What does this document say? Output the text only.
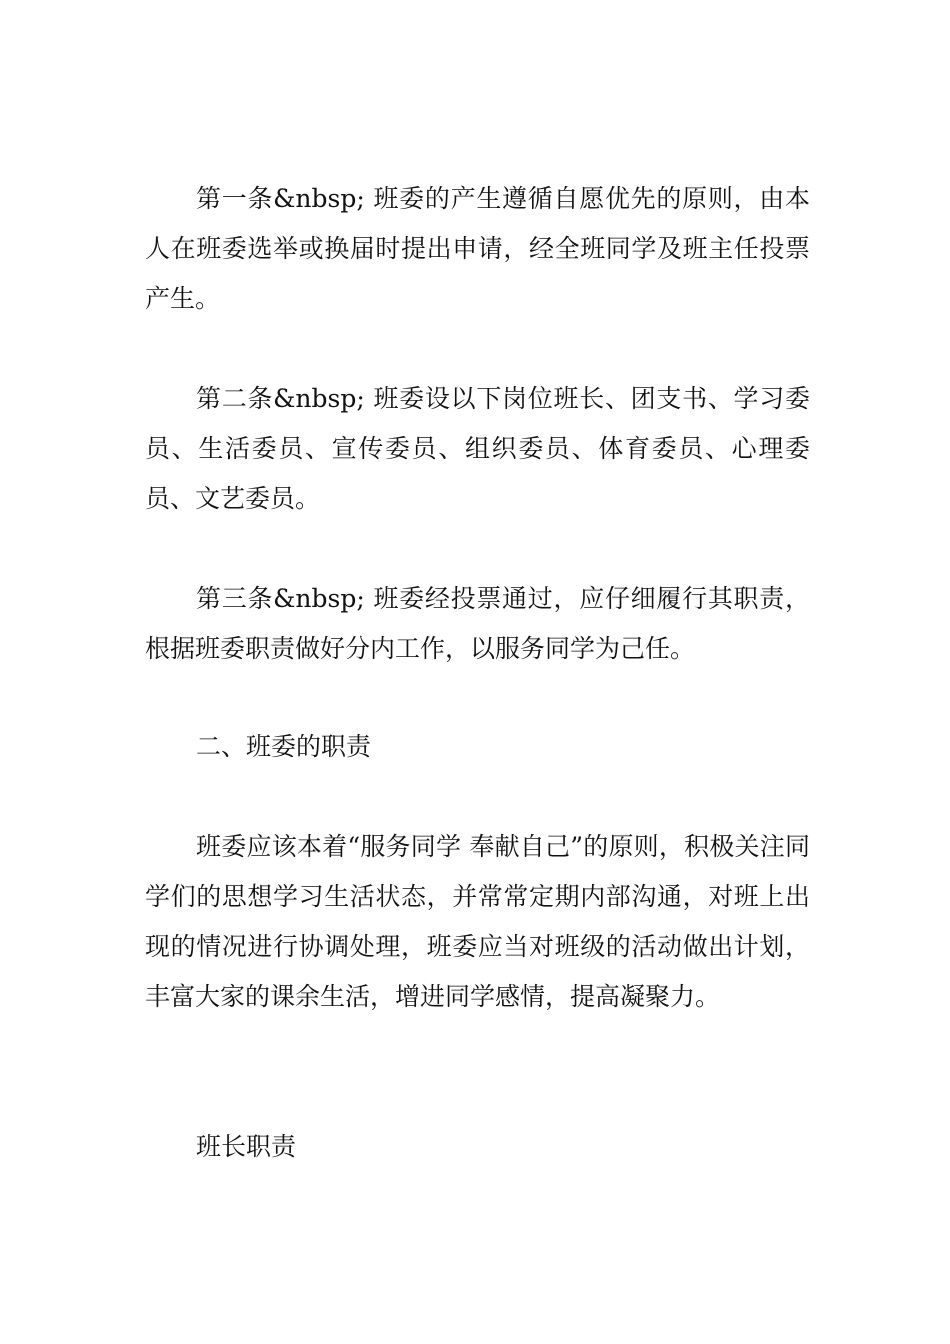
第一条&nbsp; 班委的产生遵循自愿优先的原则，由本人在班委选举或换届时提出申请，经全班同学及班主任投票产生。

第二条&nbsp; 班委设以下岗位班长、团支书、学习委员、生活委员、宣传委员、组织委员、体育委员、心理委员、文艺委员。

第三条&nbsp; 班委经投票通过，应仔细履行其职责，根据班委职责做好分内工作，以服务同学为己任。

二、班委的职责

班委应该本着“服务同学 奉献自己”的原则，积极关注同学们的思想学习生活状态，并常常定期内部沟通，对班上出现的情况进行协调处理，班委应当对班级的活动做出计划，丰富大家的课余生活，增进同学感情，提高凝聚力。

班长职责
